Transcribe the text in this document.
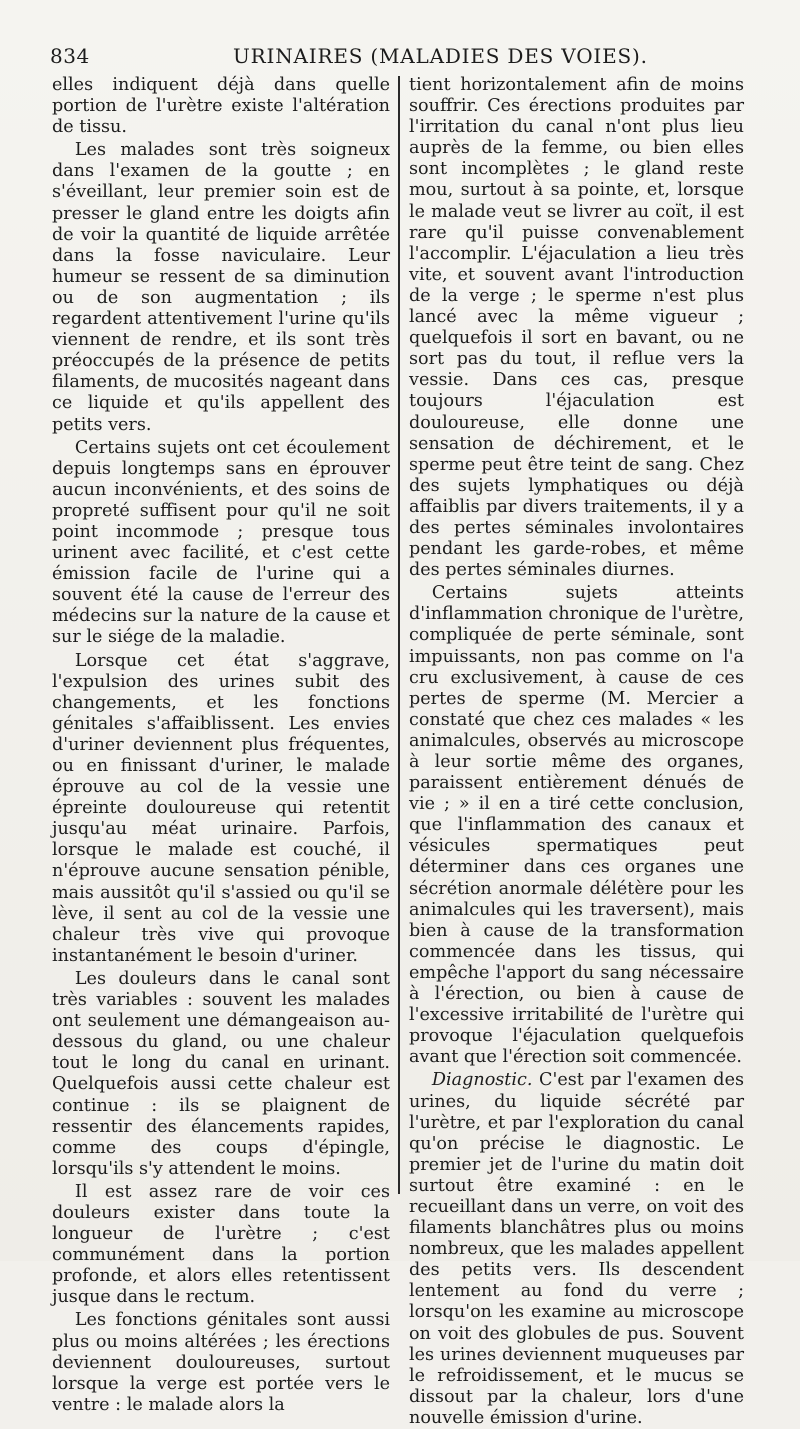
834	URINAIRES (MALADIES DES VOIES).

elles indiquent déjà dans quelle portion de l'urètre existe l'altération de tissu.

Les malades sont très soigneux dans l'examen de la goutte ; en s'éveillant, leur premier soin est de presser le gland entre les doigts afin de voir la quantité de liquide arrêtée dans la fosse naviculaire. Leur humeur se ressent de sa diminution ou de son augmentation ; ils regardent attentivement l'urine qu'ils viennent de rendre, et ils sont très préoccupés de la présence de petits filaments, de mucosités nageant dans ce liquide et qu'ils appellent des petits vers.

Certains sujets ont cet écoulement depuis longtemps sans en éprouver aucun inconvénients, et des soins de propreté suffisent pour qu'il ne soit point incommode ; presque tous urinent avec facilité, et c'est cette émission facile de l'urine qui a souvent été la cause de l'erreur des médecins sur la nature de la cause et sur le siége de la maladie.

Lorsque cet état s'aggrave, l'expulsion des urines subit des changements, et les fonctions génitales s'affaiblissent. Les envies d'uriner deviennent plus fréquentes, ou en finissant d'uriner, le malade éprouve au col de la vessie une épreinte douloureuse qui retentit jusqu'au méat urinaire. Parfois, lorsque le malade est couché, il n'éprouve aucune sensation pénible, mais aussitôt qu'il s'assied ou qu'il se lève, il sent au col de la vessie une chaleur très vive qui provoque instantanément le besoin d'uriner.

Les douleurs dans le canal sont très variables : souvent les malades ont seulement une démangeaison au-dessous du gland, ou une chaleur tout le long du canal en urinant. Quelquefois aussi cette chaleur est continue : ils se plaignent de ressentir des élancements rapides, comme des coups d'épingle, lorsqu'ils s'y attendent le moins.

Il est assez rare de voir ces douleurs exister dans toute la longueur de l'urètre ; c'est communément dans la portion profonde, et alors elles retentissent jusque dans le rectum.

Les fonctions génitales sont aussi plus ou moins altérées ; les érections deviennent douloureuses, surtout lorsque la verge est portée vers le ventre : le malade alors la

tient horizontalement afin de moins souffrir. Ces érections produites par l'irritation du canal n'ont plus lieu auprès de la femme, ou bien elles sont incomplètes ; le gland reste mou, surtout à sa pointe, et, lorsque le malade veut se livrer au coït, il est rare qu'il puisse convenablement l'accomplir. L'éjaculation a lieu très vite, et souvent avant l'introduction de la verge ; le sperme n'est plus lancé avec la même vigueur ; quelquefois il sort en bavant, ou ne sort pas du tout, il reflue vers la vessie. Dans ces cas, presque toujours l'éjaculation est douloureuse, elle donne une sensation de déchirement, et le sperme peut être teint de sang. Chez des sujets lymphatiques ou déjà affaiblis par divers traitements, il y a des pertes séminales involontaires pendant les garde-robes, et même des pertes séminales diurnes.

Certains sujets atteints d'inflammation chronique de l'urètre, compliquée de perte séminale, sont impuissants, non pas comme on l'a cru exclusivement, à cause de ces pertes de sperme (M. Mercier a constaté que chez ces malades « les animalcules, observés au microscope à leur sortie même des organes, paraissent entièrement dénués de vie ; » il en a tiré cette conclusion, que l'inflammation des canaux et vésicules spermatiques peut déterminer dans ces organes une sécrétion anormale délétère pour les animalcules qui les traversent), mais bien à cause de la transformation commencée dans les tissus, qui empêche l'apport du sang nécessaire à l'érection, ou bien à cause de l'excessive irritabilité de l'urètre qui provoque l'éjaculation quelquefois avant que l'érection soit commencée.

Diagnostic. C'est par l'examen des urines, du liquide sécrété par l'urètre, et par l'exploration du canal qu'on précise le diagnostic. Le premier jet de l'urine du matin doit surtout être examiné : en le recueillant dans un verre, on voit des filaments blanchâtres plus ou moins nombreux, que les malades appellent des petits vers. Ils descendent lentement au fond du verre ; lorsqu'on les examine au microscope on voit des globules de pus. Souvent les urines deviennent muqueuses par le refroidissement, et le mucus se dissout par la chaleur, lors d'une nouvelle émission d'urine.
